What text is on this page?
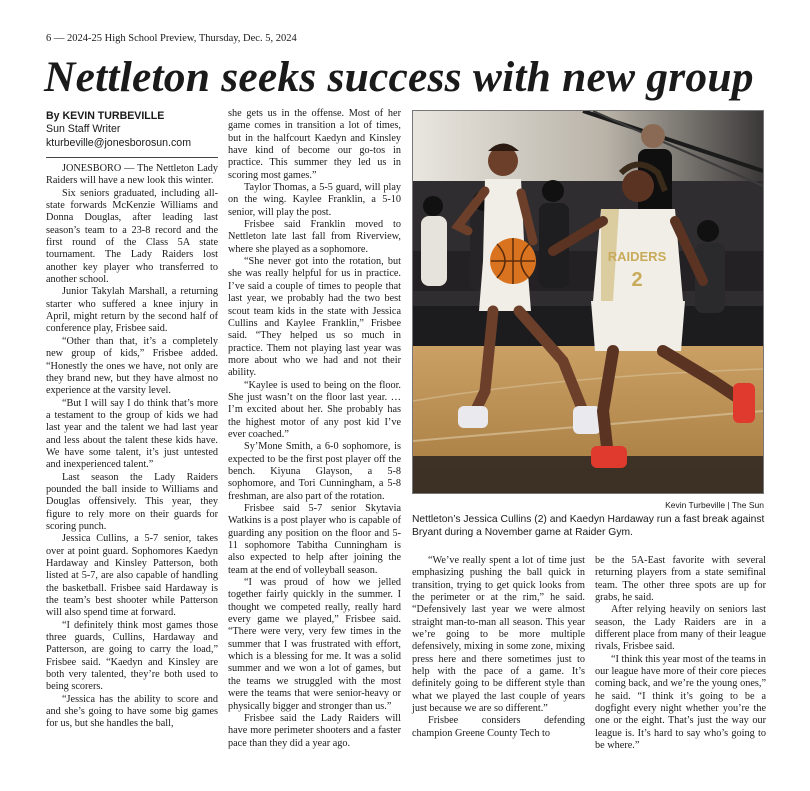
6 — 2024-25 High School Preview, Thursday, Dec. 5, 2024
Nettleton seeks success with new group
By KEVIN TURBEVILLE
Sun Staff Writer
kturbeville@jonesborosun.com

JONESBORO — The Nettleton Lady Raiders will have a new look this winter.

Six seniors graduated, including all-state forwards McKenzie Williams and Donna Douglas, after leading last season’s team to a 23-8 record and the first round of the Class 5A state tournament. The Lady Raiders lost another key player who transferred to another school.

Junior Takylah Marshall, a returning starter who suffered a knee injury in April, might return by the second half of conference play, Frisbee said.

“Other than that, it’s a completely new group of kids,” Frisbee added. “Honestly the ones we have, not only are they brand new, but they have almost no experience at the varsity level.

“But I will say I do think that’s more a testament to the group of kids we had last year and the talent we had last year and less about the talent these kids have. We have some talent, it’s just untested and inexperienced talent.”

Last season the Lady Raiders pounded the ball inside to Williams and Douglas offensively. This year, they figure to rely more on their guards for scoring punch.

Jessica Cullins, a 5-7 senior, takes over at point guard. Sophomores Kaedyn Hardaway and Kinsley Patterson, both listed at 5-7, are also capable of handling the basketball. Frisbee said Hardaway is the team’s best shooter while Patterson will also spend time at forward.

“I definitely think most games those three guards, Cullins, Hardaway and Patterson, are going to carry the load,” Frisbee said. “Kaedyn and Kinsley are both very talented, they’re both used to being scorers.

“Jessica has the ability to score and and she’s going to have some big games for us, but she handles the ball,

she gets us in the offense. Most of her game comes in transition a lot of times, but in the halfcourt Kaedyn and Kinsley have kind of become our go-tos in practice. This summer they led us in scoring most games.”

Taylor Thomas, a 5-5 guard, will play on the wing. Kaylee Franklin, a 5-10 senior, will play the post.

Frisbee said Franklin moved to Nettleton late last fall from Riverview, where she played as a sophomore.

“She never got into the rotation, but she was really helpful for us in practice. I’ve said a couple of times to people that last year, we probably had the two best scout team kids in the state with Jessica Cullins and Kaylee Franklin,” Frisbee said. “They helped us so much in practice. Them not playing last year was more about who we had and not their ability.

“Kaylee is used to being on the floor. She just wasn’t on the floor last year. … I’m excited about her. She probably has the highest motor of any post kid I’ve ever coached.”

Sy’Mone Smith, a 6-0 sophomore, is expected to be the first post player off the bench. Kiyuna Glayson, a 5-8 sophomore, and Tori Cunningham, a 5-8 freshman, are also part of the rotation.

Frisbee said 5-7 senior Skytavia Watkins is a post player who is capable of guarding any position on the floor and 5-11 sophomore Tabitha Cunningham is also expected to help after joining the team at the end of volleyball season.

“I was proud of how we jelled together fairly quickly in the summer. I thought we competed really, really hard every game we played,” Frisbee said. “There were very, very few times in the summer that I was frustrated with effort, which is a blessing for me. It was a solid summer and we won a lot of games, but the teams we struggled with the most were the teams that were senior-heavy or physically bigger and stronger than us.”

Frisbee said the Lady Raiders will have more perimeter shooters and a faster pace than they did a year ago.

RAIDERS
2
Kevin Turbeville | The Sun
Nettleton’s Jessica Cullins (2) and Kaedyn Hardaway run a fast break against Bryant during a November game at Raider Gym.

“We’ve really spent a lot of time just emphasizing pushing the ball quick in transition, trying to get quick looks from the perimeter or at the rim,” he said. “Defensively last year we were almost straight man-to-man all season. This year we’re going to be more multiple defensively, mixing in some zone, mixing press here and there sometimes just to help with the pace of a game. It’s definitely going to be different style than what we played the last couple of years just because we are so different.”

Frisbee considers defending champion Greene County Tech to

be the 5A-East favorite with several returning players from a state semifinal team. The other three spots are up for grabs, he said.

After relying heavily on seniors last season, the Lady Raiders are in a different place from many of their league rivals, Frisbee said.

“I think this year most of the teams in our league have more of their core pieces coming back, and we’re the young ones,” he said. “I think it’s going to be a dogfight every night whether you’re the one or the eight. That’s just the way our league is. It’s hard to say who’s going to be where.”
